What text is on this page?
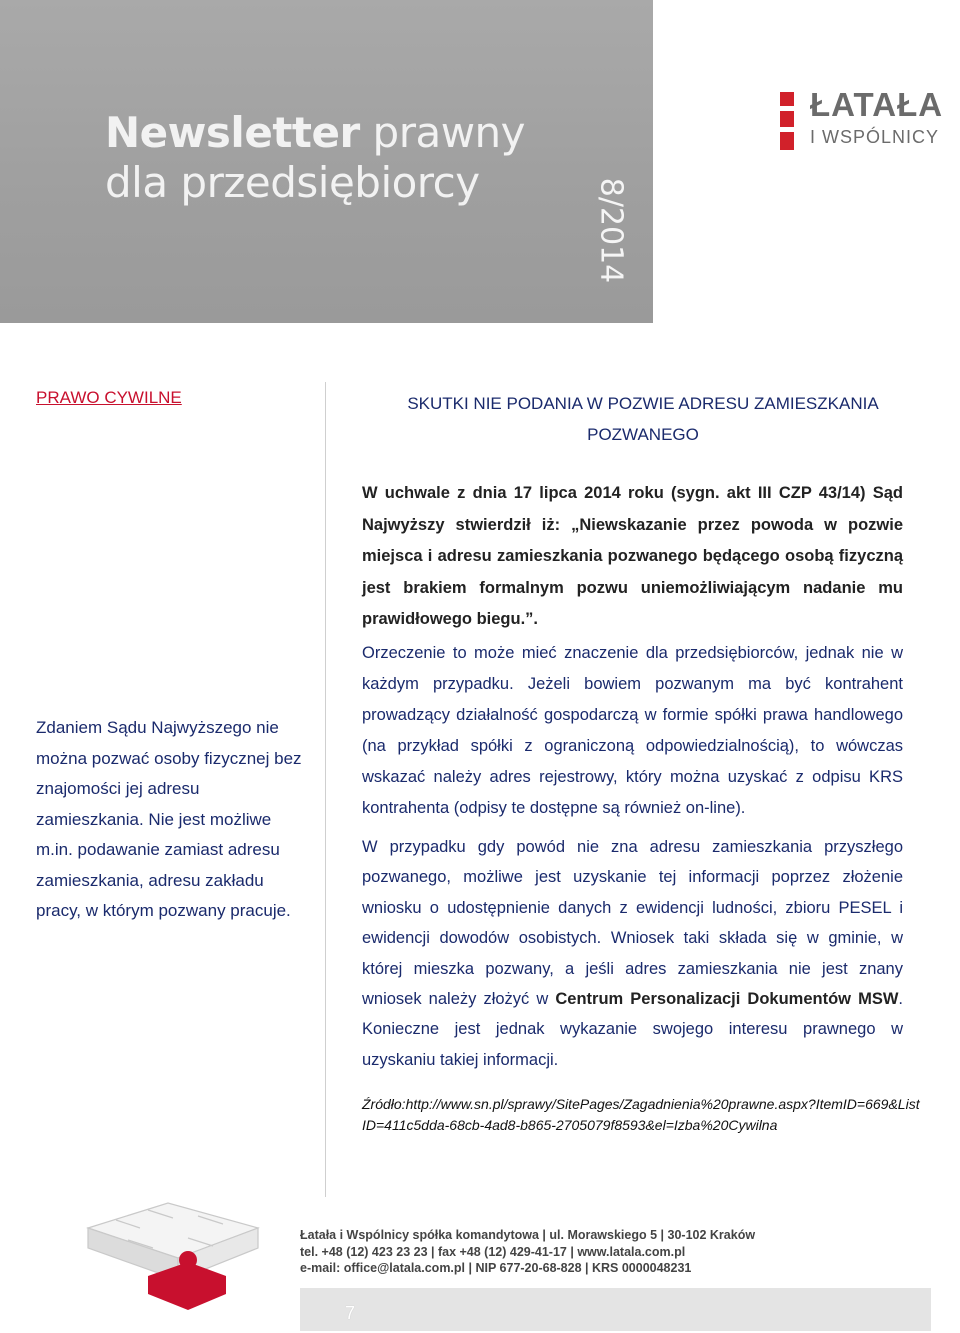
Newsletter prawny
dla przedsiębiorcy	8/2014
ŁATAŁA
I WSPÓLNICY
PRAWO CYWILNE	SKUTKI NIE PODANIA W POZWIE ADRESU ZAMIESZKANIA POZWANEGO
Zdaniem Sądu Najwyższego nie można pozwać osoby fizycznej bez znajomości jej adresu zamieszkania. Nie jest możliwe m.in. podawanie zamiast adresu zamieszkania, adresu zakładu pracy, w którym pozwany pracuje.
W uchwale z dnia 17 lipca 2014 roku (sygn. akt III CZP 43/14) Sąd Najwyższy stwierdził iż: „Niewskazanie przez powoda w pozwie miejsca i adresu zamieszkania pozwanego będącego osobą fizyczną jest brakiem formalnym pozwu uniemożliwiającym nadanie mu prawidłowego biegu.”.
Orzeczenie to może mieć znaczenie dla przedsiębiorców, jednak nie w każdym przypadku. Jeżeli bowiem pozwanym ma być kontrahent prowadzący działalność gospodarczą w formie spółki prawa handlowego (na przykład spółki z ograniczoną odpowiedzialnością), to wówczas wskazać należy adres rejestrowy, który można uzyskać z odpisu KRS kontrahenta (odpisy te dostępne są również on-line).
W przypadku gdy powód nie zna adresu zamieszkania przyszłego pozwanego, możliwe jest uzyskanie tej informacji poprzez złożenie wniosku o udostępnienie danych z ewidencji ludności, zbioru PESEL i ewidencji dowodów osobistych. Wniosek taki składa się w gminie, w której mieszka pozwany, a jeśli adres zamieszkania nie jest znany wniosek należy złożyć w Centrum Personalizacji Dokumentów MSW. Konieczne jest jednak wykazanie swojego interesu prawnego w uzyskaniu takiej informacji.
Źródło:http://www.sn.pl/sprawy/SitePages/Zagadnienia%20prawne.aspx?ItemID=669&ListID=411c5dda-68cb-4ad8-b865-2705079f8593&el=Izba%20Cywilna
Łatała i Wspólnicy spółka komandytowa | ul. Morawskiego 5 | 30-102 Kraków
tel. +48 (12) 423 23 23 | fax +48 (12) 429-41-17 | www.latala.com.pl
e-mail: office@latala.com.pl | NIP 677-20-68-828 | KRS 0000048231
7
